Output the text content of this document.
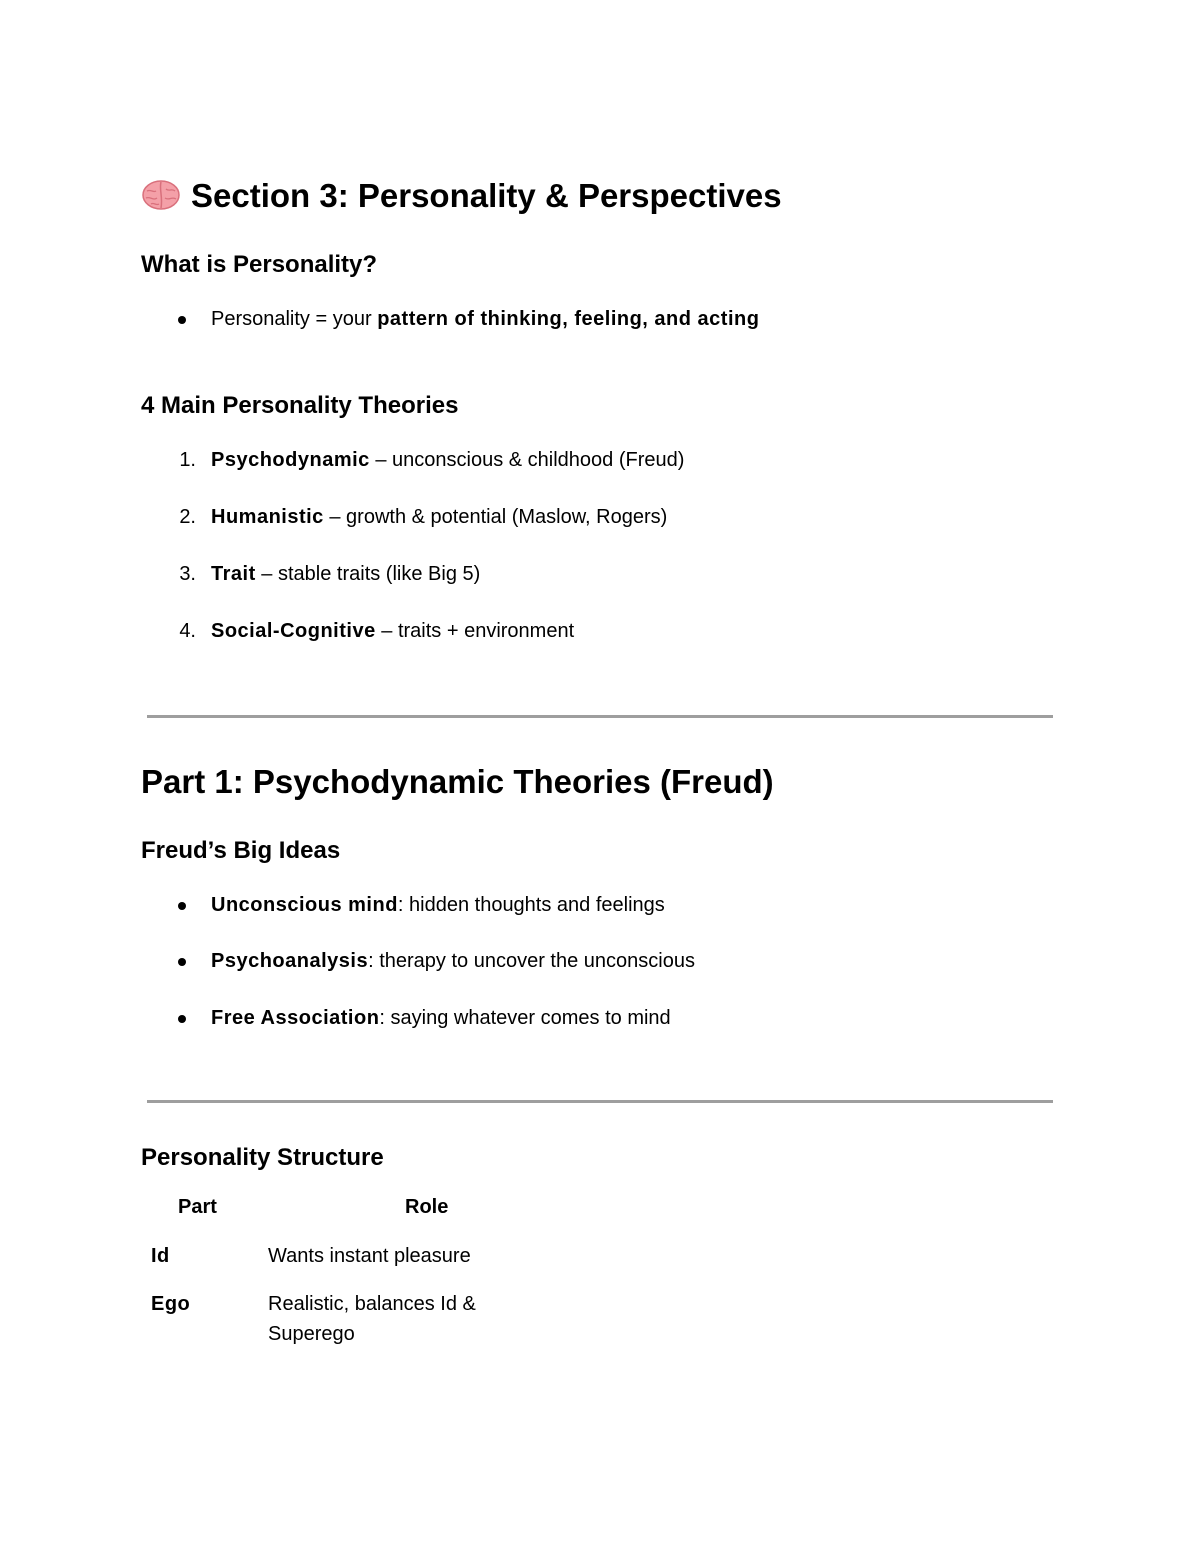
Section 3: Personality & Perspectives
What is Personality?
Personality = your pattern of thinking, feeling, and acting
4 Main Personality Theories
1. Psychodynamic – unconscious & childhood (Freud)
2. Humanistic – growth & potential (Maslow, Rogers)
3. Trait – stable traits (like Big 5)
4. Social-Cognitive – traits + environment
Part 1: Psychodynamic Theories (Freud)
Freud’s Big Ideas
Unconscious mind: hidden thoughts and feelings
Psychoanalysis: therapy to uncover the unconscious
Free Association: saying whatever comes to mind
Personality Structure
Part	Role
Id	Wants instant pleasure
Ego	Realistic, balances Id & Superego
